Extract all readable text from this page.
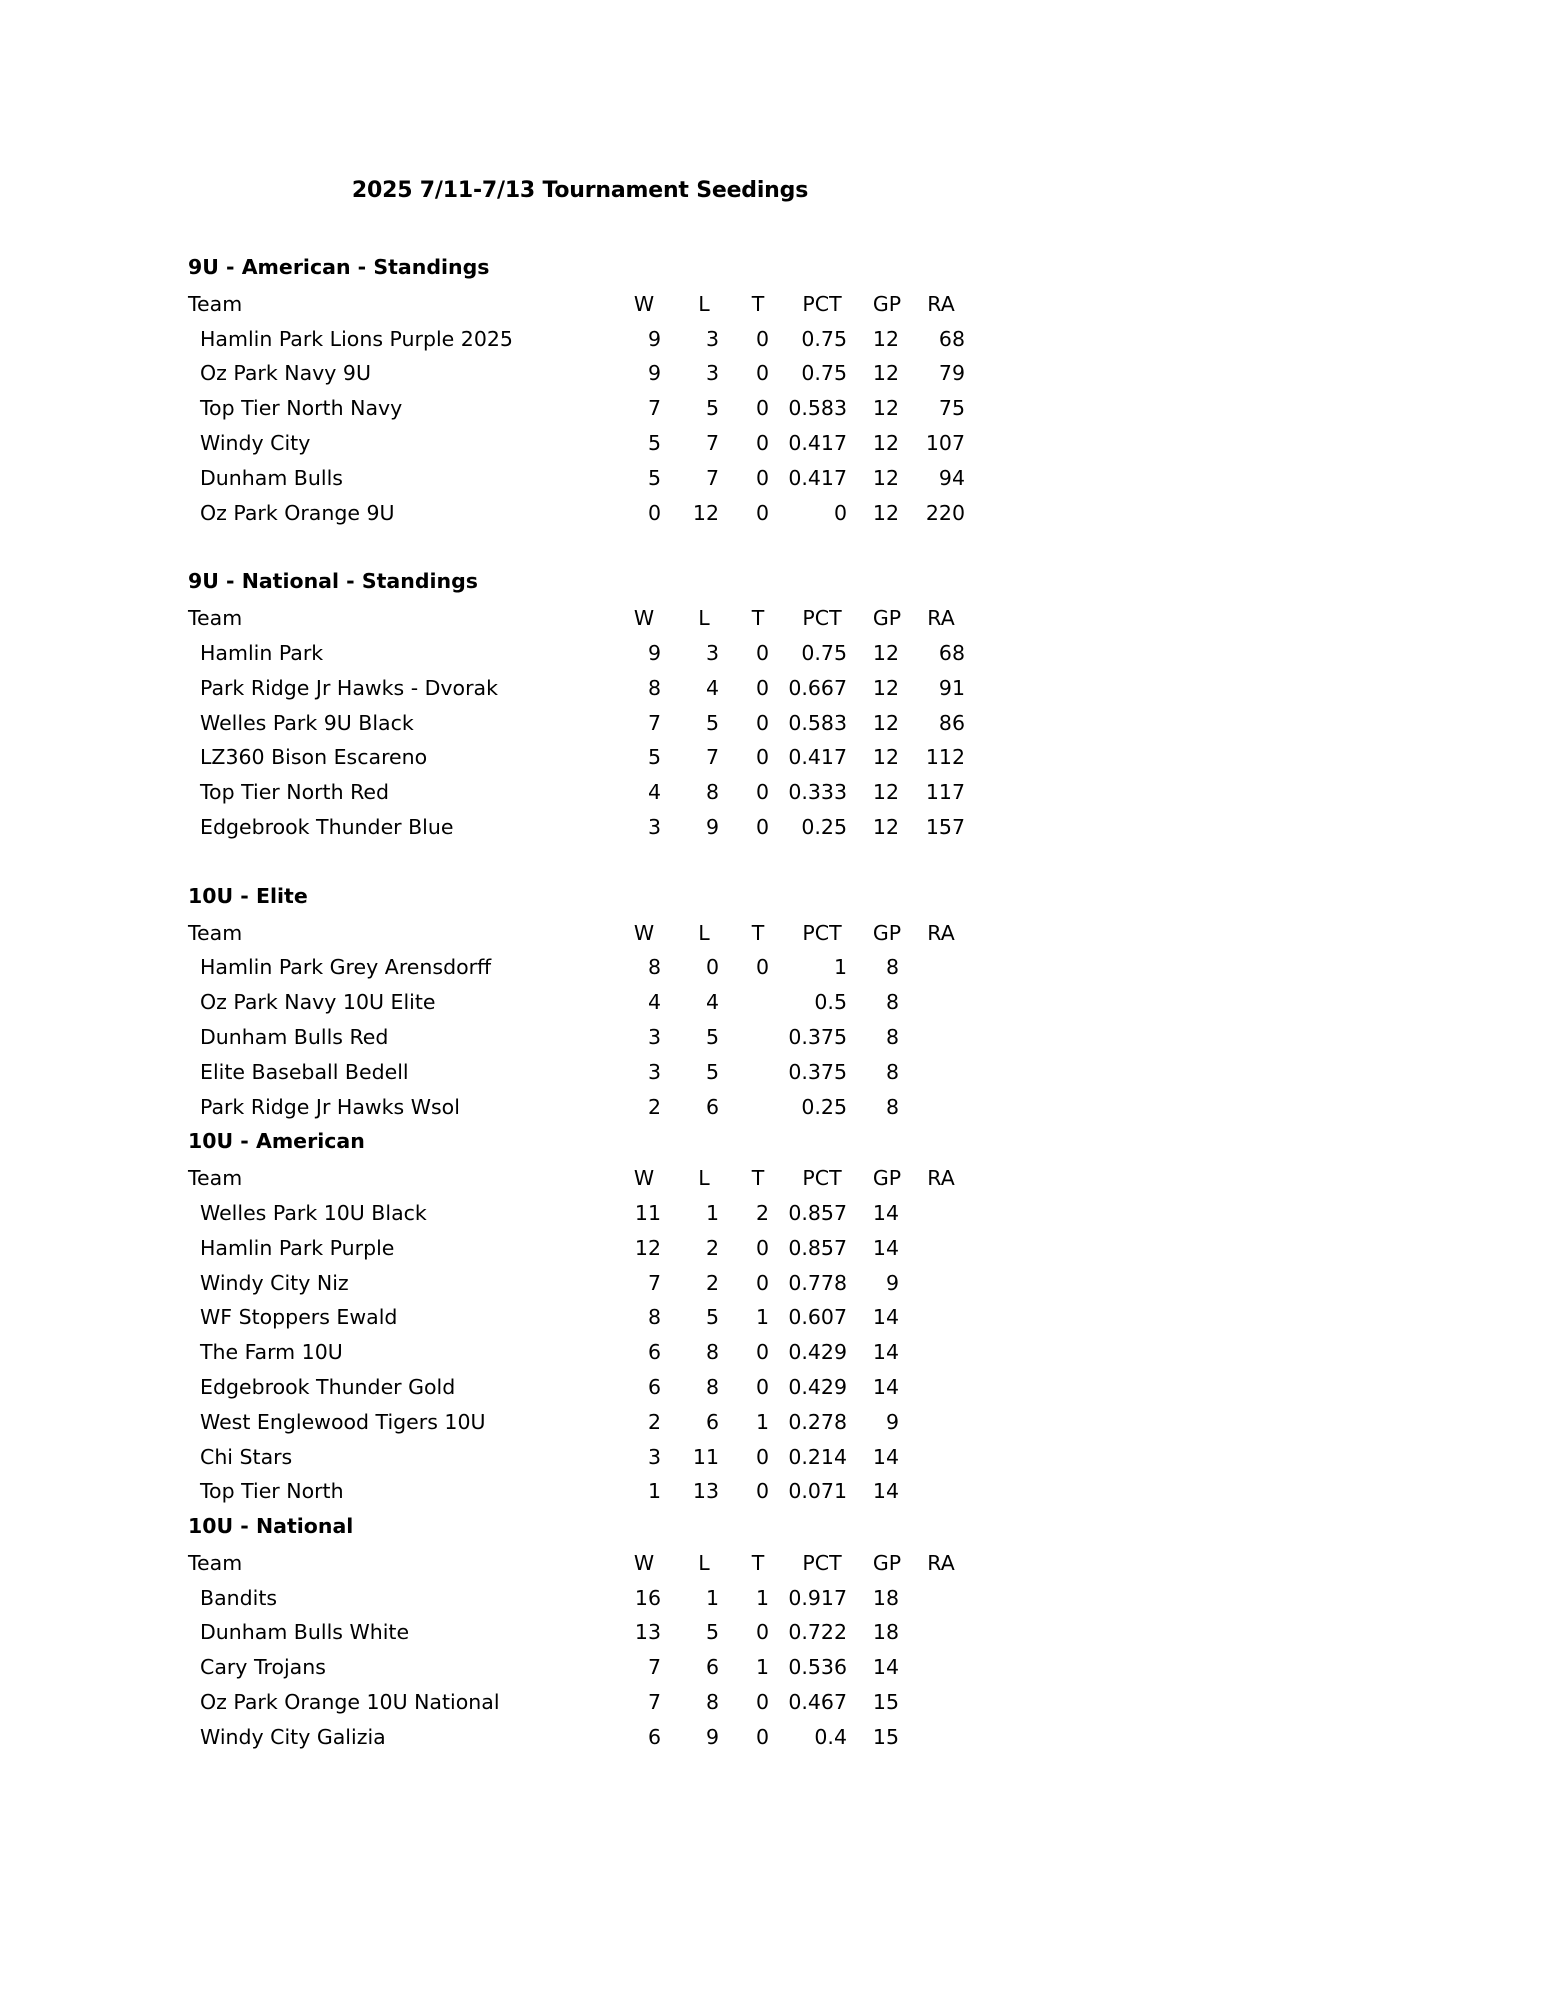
2025 7/11-7/13 Tournament Seedings
9U - American - Standings
Team	W	L	T	PCT	GP	RA
Hamlin Park Lions Purple 2025	9	3	0	0.75	12	68
Oz Park Navy 9U	9	3	0	0.75	12	79
Top Tier North Navy	7	5	0	0.583	12	75
Windy City	5	7	0	0.417	12	107
Dunham Bulls	5	7	0	0.417	12	94
Oz Park Orange 9U	0	12	0	0	12	220
9U - National - Standings
Team	W	L	T	PCT	GP	RA
Hamlin Park	9	3	0	0.75	12	68
Park Ridge Jr Hawks - Dvorak	8	4	0	0.667	12	91
Welles Park 9U Black	7	5	0	0.583	12	86
LZ360 Bison Escareno	5	7	0	0.417	12	112
Top Tier North Red	4	8	0	0.333	12	117
Edgebrook Thunder Blue	3	9	0	0.25	12	157
10U - Elite
Team	W	L	T	PCT	GP	RA
Hamlin Park Grey Arensdorff	8	0	0	1	8	
Oz Park Navy 10U Elite	4	4		0.5	8	
Dunham Bulls Red	3	5		0.375	8	
Elite Baseball Bedell	3	5		0.375	8	
Park Ridge Jr Hawks Wsol	2	6		0.25	8	
10U - American
Team	W	L	T	PCT	GP	RA
Welles Park 10U Black	11	1	2	0.857	14	
Hamlin Park Purple	12	2	0	0.857	14	
Windy City Niz	7	2	0	0.778	9	
WF Stoppers Ewald	8	5	1	0.607	14	
The Farm 10U	6	8	0	0.429	14	
Edgebrook Thunder Gold	6	8	0	0.429	14	
West Englewood Tigers 10U	2	6	1	0.278	9	
Chi Stars	3	11	0	0.214	14	
Top Tier North	1	13	0	0.071	14	
10U - National
Team	W	L	T	PCT	GP	RA
Bandits	16	1	1	0.917	18	
Dunham Bulls White	13	5	0	0.722	18	
Cary Trojans	7	6	1	0.536	14	
Oz Park Orange 10U National	7	8	0	0.467	15	
Windy City Galizia	6	9	0	0.4	15	
